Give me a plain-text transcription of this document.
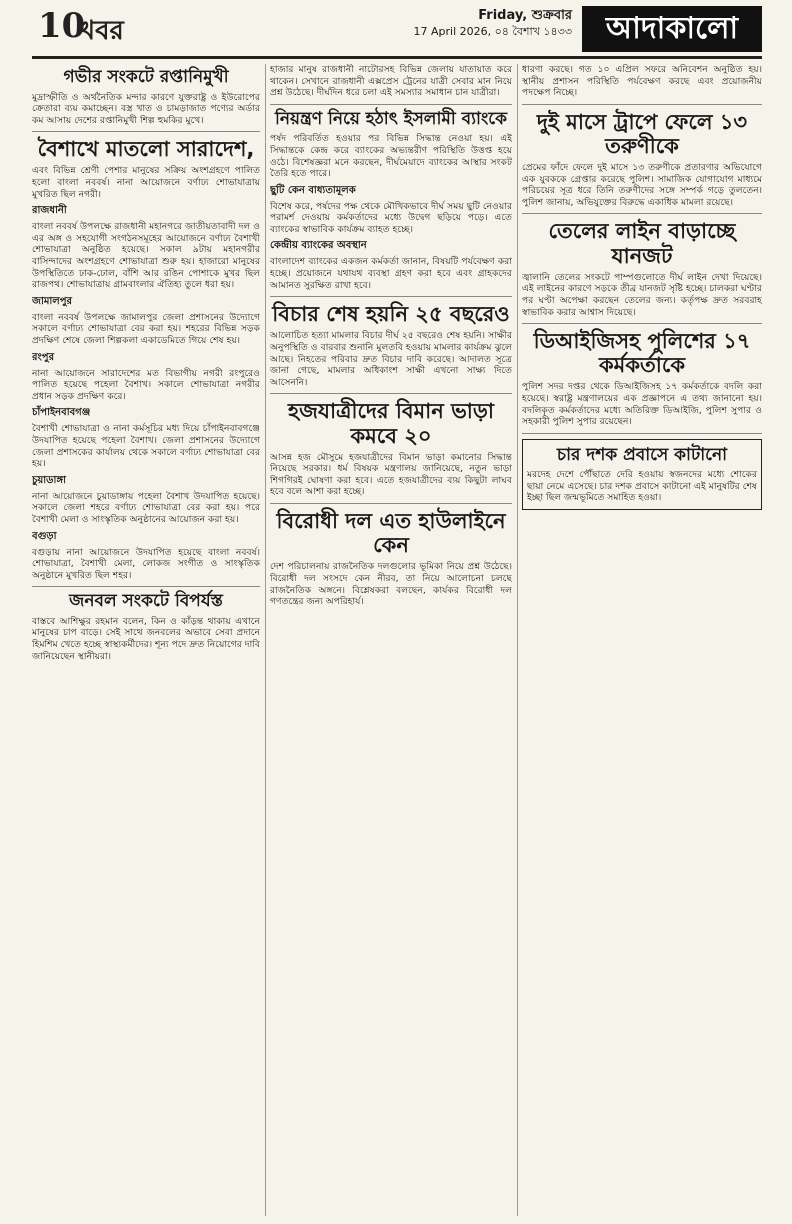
10
খবর
Friday, শুক্রবার
17 April 2026, ০৪ বৈশাখ ১৪৩৩	আদাকালো
গভীর সংকটে রপ্তানিমুখী

মুদ্রাস্ফীতি ও অর্থনৈতিক মন্দার কারণে যুক্তরাষ্ট্র ও ইউরোপের ক্রেতারা ব্যয় কমাচ্ছেন। বস্ত্র খাত ও চামড়াজাত পণ্যের অর্ডার কম আসায় দেশের রপ্তানিমুখী শিল্প হুমকির মুখে।

বৈশাখে মাতলো সারাদেশ,

এবং বিভিন্ন শ্রেণী পেশার মানুষের সক্রিয় অংশগ্রহণে পালিত হলো বাংলা নববর্ষ। নানা আয়োজনে বর্ণাঢ্য শোভাযাত্রায় মুখরিত ছিল নগরী।

রাজধানী

বাংলা নববর্ষ উপলক্ষে রাজধানী মহানগরে জাতীয়তাবাদী দল ও এর অঙ্গ ও সহযোগী সংগঠনসমূহের আয়োজনে বর্ণাঢ্য বৈশাখী শোভাযাত্রা অনুষ্ঠিত হয়েছে। সকাল ৯টায় মহানগরীর বাসিন্দাদের অংশগ্রহণে শোভাযাত্রা শুরু হয়। হাজারো মানুষের উপস্থিতিতে ঢাক-ঢোল, বাঁশি আর রঙিন পোশাকে মুখর ছিল রাজপথ। শোভাযাত্রায় গ্রামবাংলার ঐতিহ্য তুলে ধরা হয়।

জামালপুর

বাংলা নববর্ষ উপলক্ষে জামালপুর জেলা প্রশাসনের উদ্যোগে সকালে বর্ণাঢ্য শোভাযাত্রা বের করা হয়। শহরের বিভিন্ন সড়ক প্রদক্ষিণ শেষে জেলা শিল্পকলা একাডেমিতে গিয়ে শেষ হয়।

রংপুর

নানা আয়োজনে সারাদেশের মত বিভাগীয় নগরী রংপুরেও পালিত হয়েছে পহেলা বৈশাখ। সকালে শোভাযাত্রা নগরীর প্রধান সড়ক প্রদক্ষিণ করে।

চাঁপাইনবাবগঞ্জ

বৈশাখী শোভাযাত্রা ও নানা কর্মসূচির মধ্য দিয়ে চাঁপাইনবাবগঞ্জে উদযাপিত হয়েছে পহেলা বৈশাখ। জেলা প্রশাসনের উদ্যোগে জেলা প্রশাসকের কার্যালয় থেকে সকালে বর্ণাঢ্য শোভাযাত্রা বের হয়।

চুয়াডাঙ্গা

নানা আয়োজনে চুয়াডাঙ্গায় পহেলা বৈশাখ উদযাপিত হয়েছে। সকালে জেলা শহরে বর্ণাঢ্য শোভাযাত্রা বের করা হয়। পরে বৈশাখী মেলা ও সাংস্কৃতিক অনুষ্ঠানের আয়োজন করা হয়।

বগুড়া

বগুড়ায় নানা আয়োজনে উদযাপিত হয়েছে বাংলা নববর্ষ। শোভাযাত্রা, বৈশাখী মেলা, লোকজ সংগীত ও সাংস্কৃতিক অনুষ্ঠানে মুখরিত ছিল শহর।

জনবল সংকটে বিপর্যস্ত

বাস্তবে আশিক্ষুর রহমান বলেন, কিন ও কাঁড়ন্ত থাকায় এখানে মানুষের চাপ বাড়ে। সেই সাথে জনবলের অভাবে সেবা প্রদানে হিমশিম খেতে হচ্ছে স্বাস্থ্যকর্মীদের। শূন্য পদে দ্রুত নিয়োগের দাবি জানিয়েছেন স্থানীয়রা।

হাজার মানুষ রাজধানী নাটোরসহ বিভিন্ন জেলায় যাতায়াত করে থাকেন। সেখানে রাজধানী এক্সপ্রেস ট্রেনের যাত্রী সেবার মান নিয়ে প্রশ্ন উঠেছে। দীর্ঘদিন ধরে চলা এই সমস্যার সমাধান চান যাত্রীরা।

নিয়ন্ত্রণ নিয়ে হঠাৎ ইসলামী ব্যাংকে

পর্ষদ পরিবর্তিত হওয়ার পর বিভিন্ন সিদ্ধান্ত নেওয়া হয়। এই সিদ্ধান্তকে কেন্দ্র করে ব্যাংকের অভ্যন্তরীণ পরিস্থিতি উত্তপ্ত হয়ে ওঠে। বিশেষজ্ঞরা মনে করছেন, দীর্ঘমেয়াদে ব্যাংকের আস্থার সংকট তৈরি হতে পারে।

ছুটি কেন বাধ্যতামূলক

বিশেষ করে, পর্ষদের পক্ষ থেকে মৌখিকভাবে দীর্ঘ সময় ছুটি নেওয়ার পরামর্শ দেওয়ায় কর্মকর্তাদের মধ্যে উদ্বেগ ছড়িয়ে পড়ে। এতে ব্যাংকের স্বাভাবিক কার্যক্রম ব্যাহত হচ্ছে।

কেন্দ্রীয় ব্যাংকের অবস্থান

বাংলাদেশ ব্যাংকের একজন কর্মকর্তা জানান, বিষয়টি পর্যবেক্ষণ করা হচ্ছে। প্রয়োজনে যথাযথ ব্যবস্থা গ্রহণ করা হবে এবং গ্রাহকদের আমানত সুরক্ষিত রাখা হবে।

বিচার শেষ হয়নি ২৫ বছরেও

আলোচিত হত্যা মামলার বিচার দীর্ঘ ২৫ বছরেও শেষ হয়নি। সাক্ষীর অনুপস্থিতি ও বারবার শুনানি মুলতবি হওয়ায় মামলার কার্যক্রম ঝুলে আছে। নিহতের পরিবার দ্রুত বিচার দাবি করেছে। আদালত সূত্রে জানা গেছে, মামলার অধিকাংশ সাক্ষী এখনো সাক্ষ্য দিতে আসেননি।

হজযাত্রীদের বিমান ভাড়া কমবে ২০

আসন্ন হজ মৌসুমে হজযাত্রীদের বিমান ভাড়া কমানোর সিদ্ধান্ত নিয়েছে সরকার। ধর্ম বিষয়ক মন্ত্রণালয় জানিয়েছে, নতুন ভাড়া শিগগিরই ঘোষণা করা হবে। এতে হজযাত্রীদের ব্যয় কিছুটা লাঘব হবে বলে আশা করা হচ্ছে।

বিরোধী দল এত হাউলাইনে কেন

দেশ পরিচালনায় রাজনৈতিক দলগুলোর ভূমিকা নিয়ে প্রশ্ন উঠেছে। বিরোধী দল সংসদে কেন নীরব, তা নিয়ে আলোচনা চলছে রাজনৈতিক অঙ্গনে। বিশ্লেষকরা বলছেন, কার্যকর বিরোধী দল গণতন্ত্রের জন্য অপরিহার্য।

ধারণা করছে। গত ১০ এপ্রিল সফরে অনিবেশন অনুষ্ঠিত হয়। স্থানীয় প্রশাসন পরিস্থিতি পর্যবেক্ষণ করছে এবং প্রয়োজনীয় পদক্ষেপ নিচ্ছে।

দুই মাসে ট্রাপে ফেলে ১৩ তরুণীকে

প্রেমের ফাঁদে ফেলে দুই মাসে ১৩ তরুণীকে প্রতারণার অভিযোগে এক যুবককে গ্রেপ্তার করেছে পুলিশ। সামাজিক যোগাযোগ মাধ্যমে পরিচয়ের সূত্র ধরে তিনি তরুণীদের সঙ্গে সম্পর্ক গড়ে তুলতেন। পুলিশ জানায়, অভিযুক্তের বিরুদ্ধে একাধিক মামলা রয়েছে।

তেলের লাইন বাড়াচ্ছে যানজট

জ্বালানি তেলের সংকটে পাম্পগুলোতে দীর্ঘ লাইন দেখা দিয়েছে। এই লাইনের কারণে সড়কে তীব্র যানজট সৃষ্টি হচ্ছে। চালকরা ঘণ্টার পর ঘণ্টা অপেক্ষা করছেন তেলের জন্য। কর্তৃপক্ষ দ্রুত সরবরাহ স্বাভাবিক করার আশ্বাস দিয়েছে।

ডিআইজিসহ পুলিশের ১৭ কর্মকর্তাকে

পুলিশ সদর দপ্তর থেকে ডিআইজিসহ ১৭ কর্মকর্তাকে বদলি করা হয়েছে। স্বরাষ্ট্র মন্ত্রণালয়ের এক প্রজ্ঞাপনে এ তথ্য জানানো হয়। বদলিকৃত কর্মকর্তাদের মধ্যে অতিরিক্ত ডিআইজি, পুলিশ সুপার ও সহকারী পুলিশ সুপার রয়েছেন।

চার দশক প্রবাসে কাটানো

মরদেহ দেশে পৌঁছাতে দেরি হওয়ায় স্বজনদের মধ্যে শোকের ছায়া নেমে এসেছে। চার দশক প্রবাসে কাটানো এই মানুষটির শেষ ইচ্ছা ছিল জন্মভূমিতে সমাহিত হওয়া।
